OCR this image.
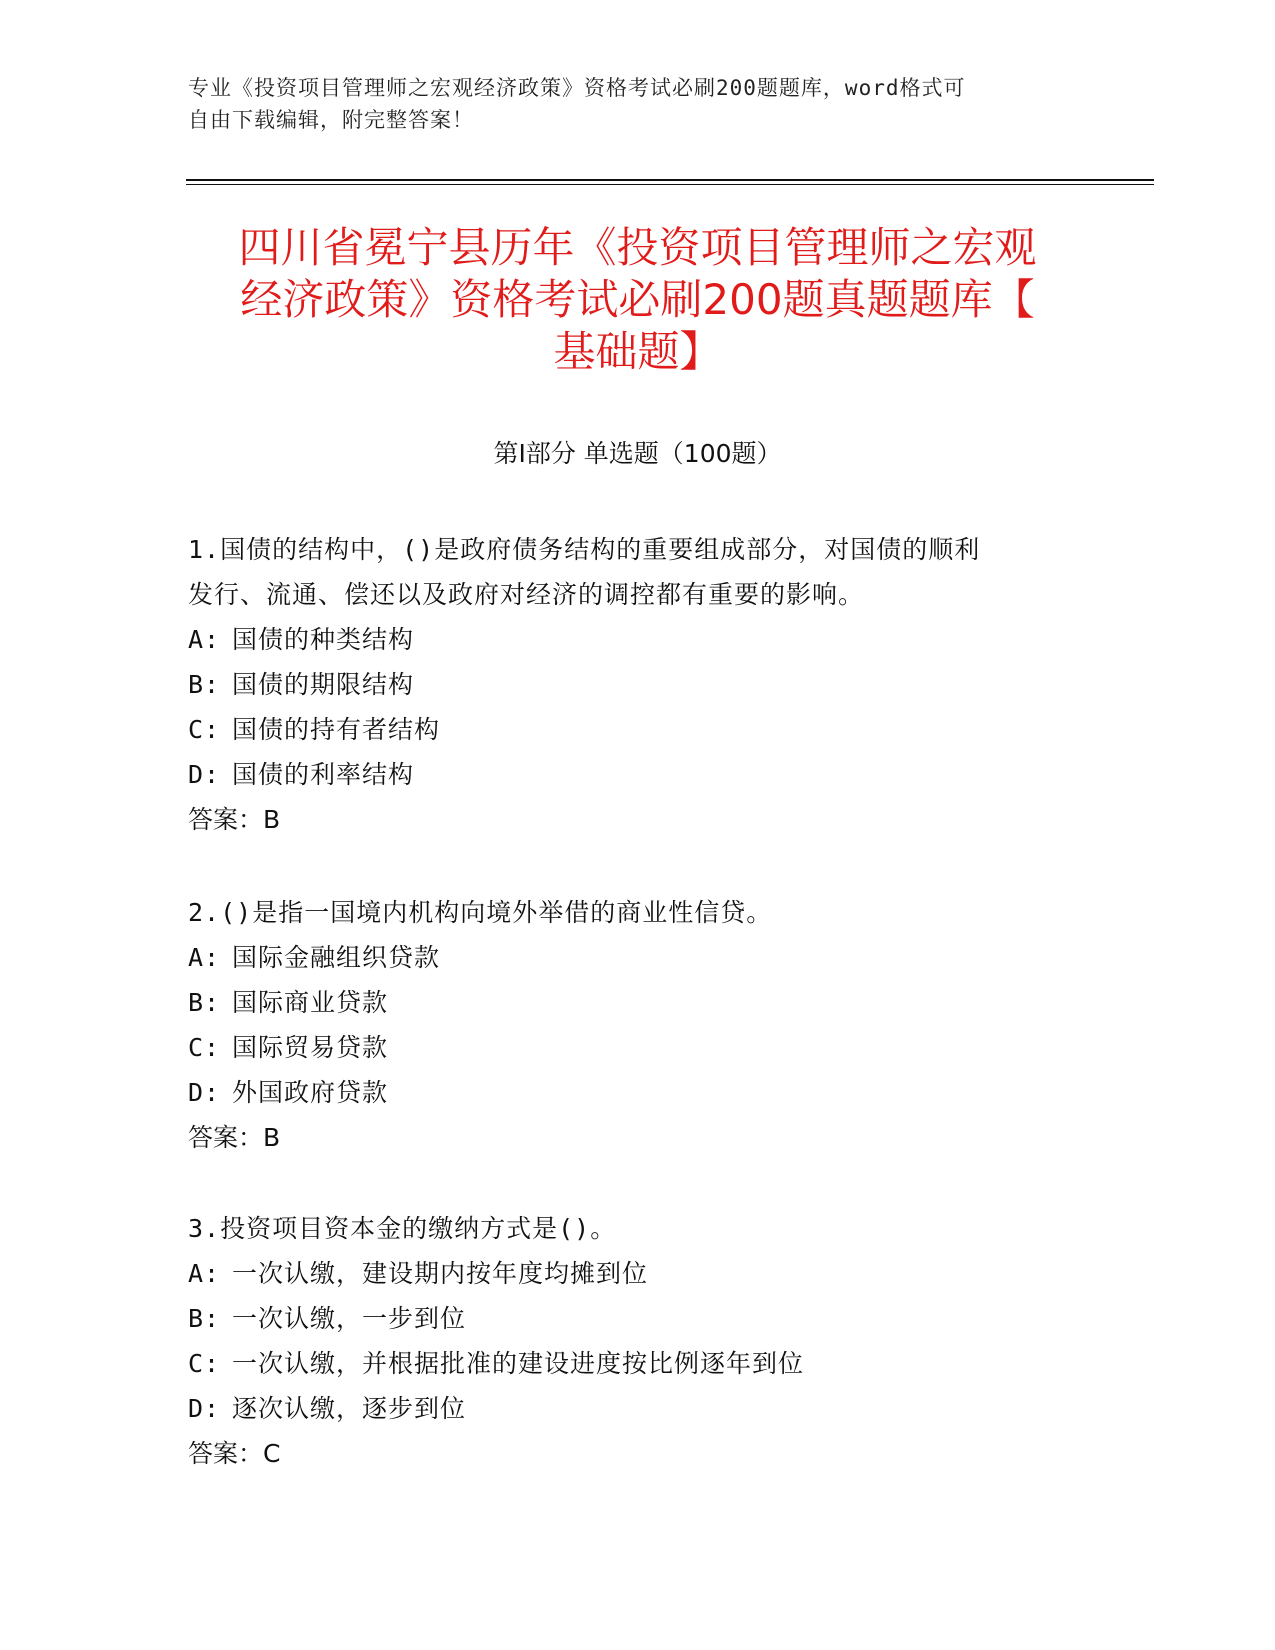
专业《投资项目管理师之宏观经济政策》资格考试必刷200题题库，word格式可
自由下载编辑，附完整答案！
四川省冕宁县历年《投资项目管理师之宏观
经济政策》资格考试必刷200题真题题库【
基础题】
第I部分 单选题（100题）

1.国债的结构中，()是政府债务结构的重要组成部分，对国债的顺利

发行、流通、偿还以及政府对经济的调控都有重要的影响。

A: 国债的种类结构

B: 国债的期限结构

C: 国债的持有者结构

D: 国债的利率结构

答案：B

2.()是指一国境内机构向境外举借的商业性信贷。

A: 国际金融组织贷款

B: 国际商业贷款

C: 国际贸易贷款

D: 外国政府贷款

答案：B

3.投资项目资本金的缴纳方式是()。

A: 一次认缴，建设期内按年度均摊到位

B: 一次认缴，一步到位

C: 一次认缴，并根据批准的建设进度按比例逐年到位

D: 逐次认缴，逐步到位

答案：C
